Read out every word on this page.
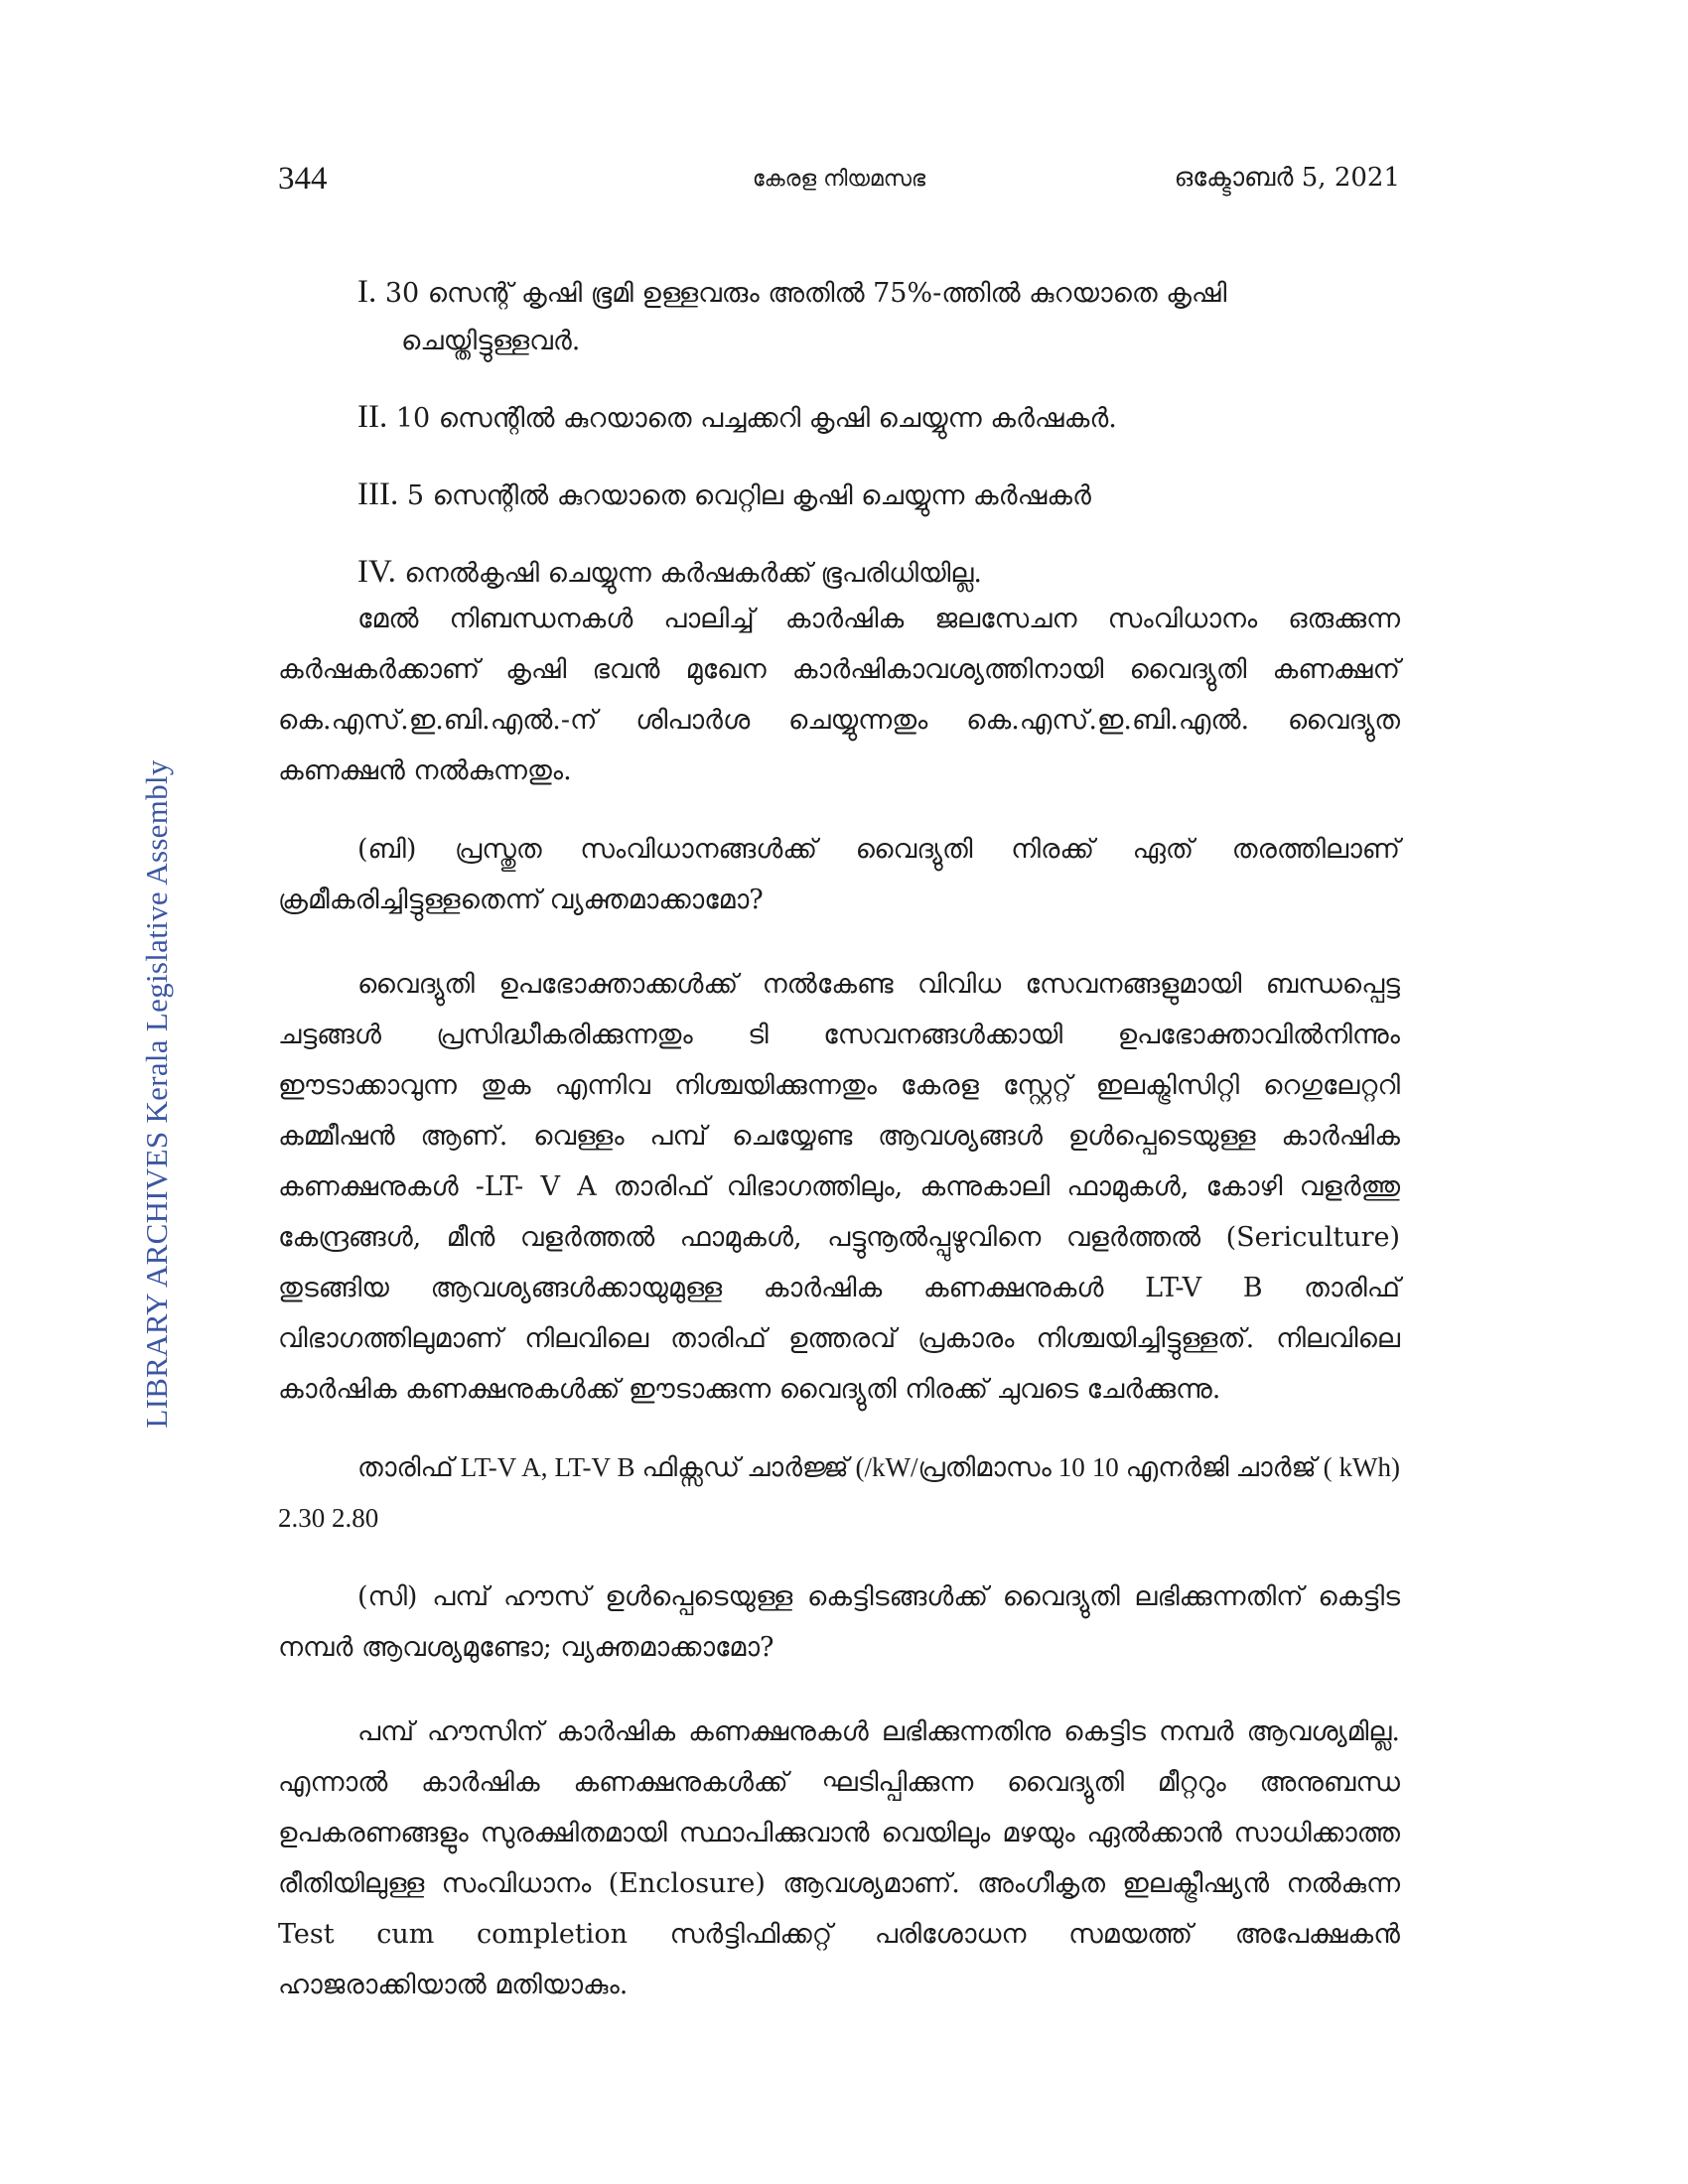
LIBRARY ARCHIVES Kerala Legislative Assembly
344	കേരള നിയമസഭ	ഒക്ടോബർ 5, 2021
I. 30 സെന്റ് കൃഷി ഭൂമി ഉള്ളവരും അതിൽ 75%-ത്തിൽ കുറയാതെ കൃഷി ചെയ്തിട്ടുള്ളവർ.
II. 10 സെന്റിൽ കുറയാതെ പച്ചക്കറി കൃഷി ചെയ്യുന്ന കർഷകർ.
III. 5 സെന്റിൽ കുറയാതെ വെറ്റില കൃഷി ചെയ്യുന്ന കർഷകർ
IV. നെൽകൃഷി ചെയ്യുന്ന കർഷകർക്ക് ഭൂപരിധിയില്ല.

മേൽ നിബന്ധനകൾ പാലിച്ച് കാർഷിക ജലസേചന സംവിധാനം ഒരുക്കുന്ന കർഷകർക്കാണ് കൃഷി ഭവൻ മുഖേന കാർഷികാവശ്യത്തിനായി വൈദ്യുതി കണക്ഷന് കെ.എസ്.ഇ.ബി.എൽ.-ന് ശിപാർശ ചെയ്യുന്നതും കെ.എസ്.ഇ.ബി.എൽ. വൈദ്യുത കണക്ഷൻ നൽകുന്നതും.

(ബി) പ്രസ്തുത സംവിധാനങ്ങൾക്ക് വൈദ്യുതി നിരക്ക് ഏത് തരത്തിലാണ് ക്രമീകരിച്ചിട്ടുള്ളതെന്ന് വ്യക്തമാക്കാമോ?

വൈദ്യുതി ഉപഭോക്താക്കൾക്ക് നൽകേണ്ട വിവിധ സേവനങ്ങളുമായി ബന്ധപ്പെട്ട ചട്ടങ്ങൾ പ്രസിദ്ധീകരിക്കുന്നതും ടി സേവനങ്ങൾക്കായി ഉപഭോക്താവിൽനിന്നും ഈടാക്കാവുന്ന തുക എന്നിവ നിശ്ചയിക്കുന്നതും കേരള സ്റ്റേറ്റ് ഇലക്ട്രിസിറ്റി റെഗുലേറ്ററി കമ്മീഷൻ ആണ്. വെള്ളം പമ്പ് ചെയ്യേണ്ട ആവശ്യങ്ങൾ ഉൾപ്പെടെയുള്ള കാർഷിക കണക്ഷനുകൾ -LT- V A താരിഫ് വിഭാഗത്തിലും, കന്നുകാലി ഫാമുകൾ, കോഴി വളർത്തു കേന്ദ്രങ്ങൾ, മീൻ വളർത്തൽ ഫാമുകൾ, പട്ടുനൂൽപ്പുഴുവിനെ വളർത്തൽ (Sericulture) തുടങ്ങിയ ആവശ്യങ്ങൾക്കായുമുള്ള കാർഷിക കണക്ഷനുകൾ LT-V B താരിഫ് വിഭാഗത്തിലുമാണ് നിലവിലെ താരിഫ് ഉത്തരവ് പ്രകാരം നിശ്ചയിച്ചിട്ടുള്ളത്. നിലവിലെ കാർഷിക കണക്ഷനുകൾക്ക് ഈടാക്കുന്ന വൈദ്യുതി നിരക്ക് ചുവടെ ചേർക്കുന്നു.

താരിഫ് LT-V A, LT-V B ഫിക്സഡ് ചാർജ്ജ് (/kW/പ്രതിമാസം 10 10 എനർജി ചാർജ് ( kWh) 2.30 2.80

(സി) പമ്പ് ഹൗസ് ഉൾപ്പെടെയുള്ള കെട്ടിടങ്ങൾക്ക് വൈദ്യുതി ലഭിക്കുന്നതിന് കെട്ടിട നമ്പർ ആവശ്യമുണ്ടോ; വ്യക്തമാക്കാമോ?

പമ്പ് ഹൗസിന് കാർഷിക കണക്ഷനുകൾ ലഭിക്കുന്നതിനു കെട്ടിട നമ്പർ ആവശ്യമില്ല. എന്നാൽ കാർഷിക കണക്ഷനുകൾക്ക് ഘടിപ്പിക്കുന്ന വൈദ്യുതി മീറ്ററും അനുബന്ധ ഉപകരണങ്ങളും സുരക്ഷിതമായി സ്ഥാപിക്കുവാൻ വെയിലും മഴയും ഏൽക്കാൻ സാധിക്കാത്ത രീതിയിലുള്ള സംവിധാനം (Enclosure) ആവശ്യമാണ്. അംഗീകൃത ഇലക്ട്രീഷ്യൻ നൽകുന്ന Test cum completion സർട്ടിഫിക്കറ്റ് പരിശോധന സമയത്ത് അപേക്ഷകൻ ഹാജരാക്കിയാൽ മതിയാകും.
